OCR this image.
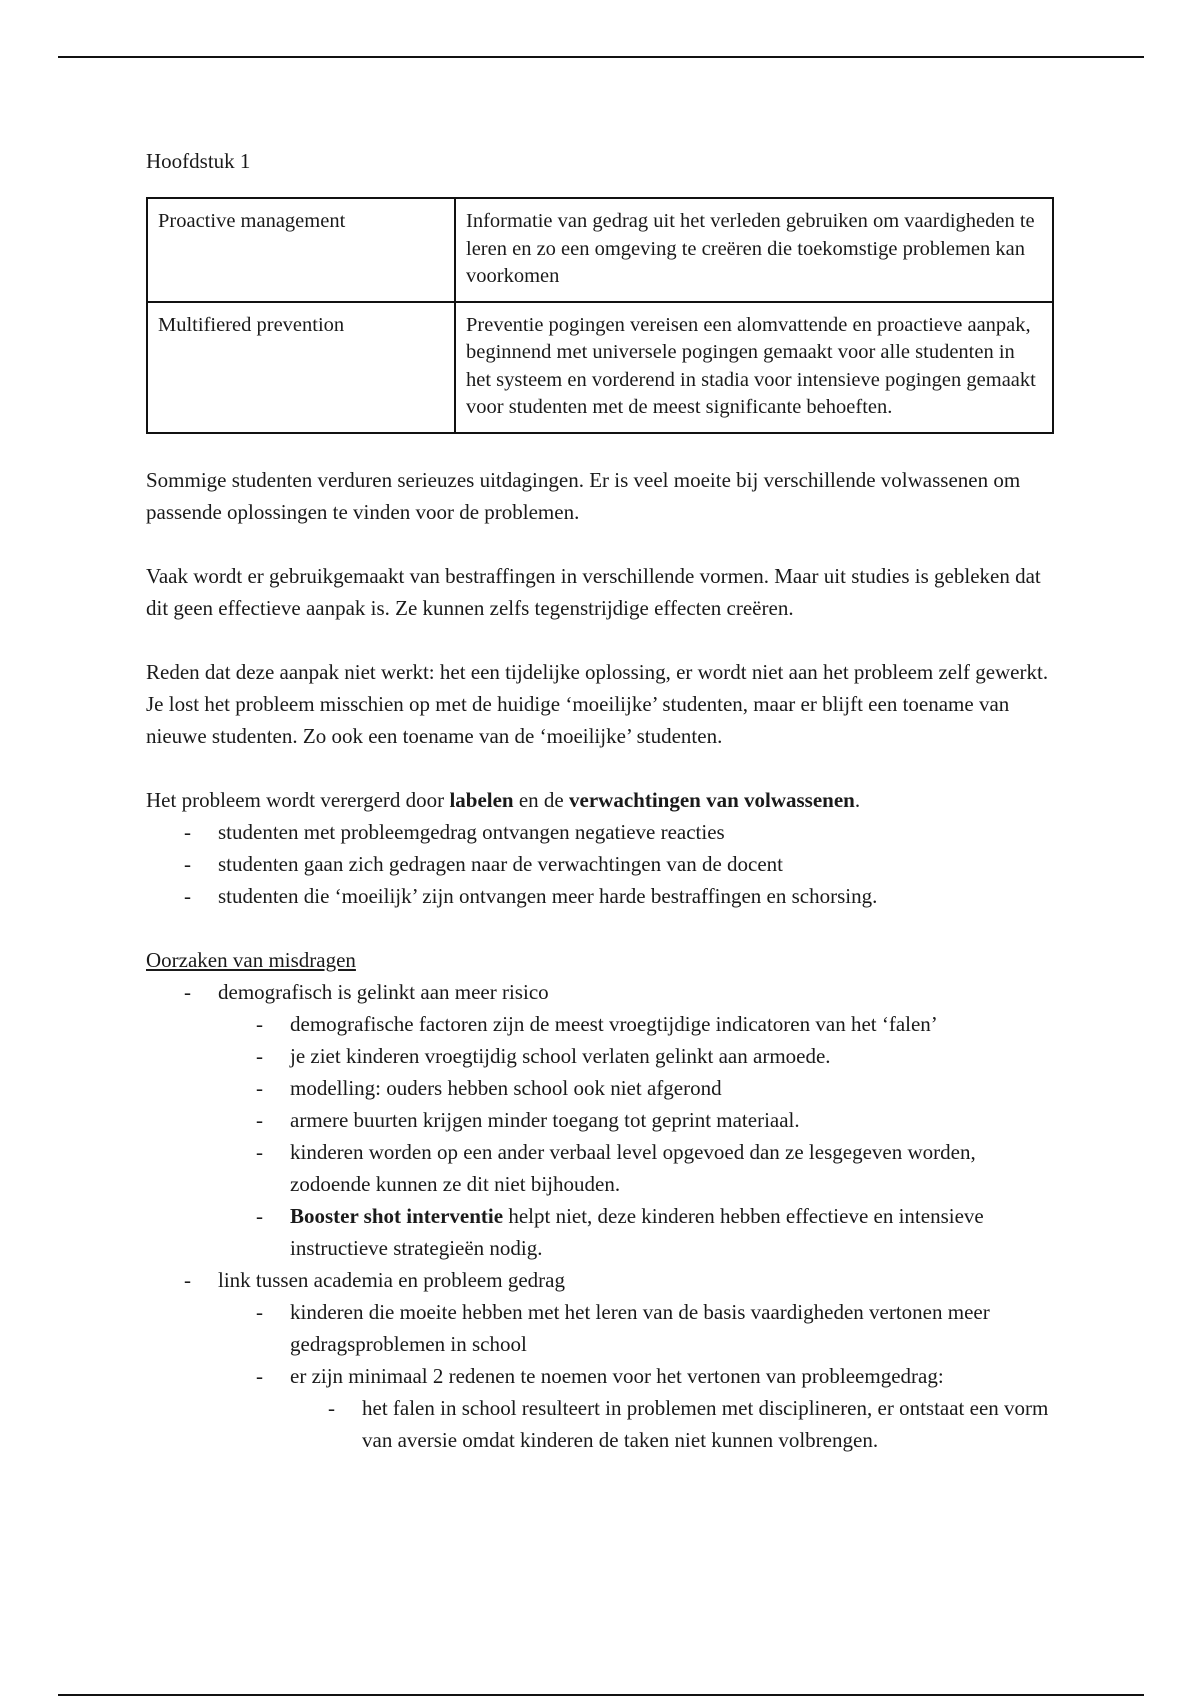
Hoofdstuk 1
Proactive management	Informatie van gedrag uit het verleden gebruiken om vaardigheden te leren en zo een omgeving te creëren die toekomstige problemen kan voorkomen
Multifiered prevention	Preventie pogingen vereisen een alomvattende en proactieve aanpak, beginnend met universele pogingen gemaakt voor alle studenten in het systeem en vorderend in stadia voor intensieve pogingen gemaakt voor studenten met de meest significante behoeften.

Sommige studenten verduren serieuzes uitdagingen. Er is veel moeite bij verschillende volwassenen om passende oplossingen te vinden voor de problemen.

Vaak wordt er gebruikgemaakt van bestraffingen in verschillende vormen. Maar uit studies is gebleken dat dit geen effectieve aanpak is. Ze kunnen zelfs tegenstrijdige effecten creëren.

Reden dat deze aanpak niet werkt: het een tijdelijke oplossing, er wordt niet aan het probleem zelf gewerkt. Je lost het probleem misschien op met de huidige ‘moeilijke’ studenten, maar er blijft een toename van nieuwe studenten. Zo ook een toename van de ‘moeilijke’ studenten.

Het probleem wordt verergerd door labelen en de verwachtingen van volwassenen.

- studenten met probleemgedrag ontvangen negatieve reacties
- studenten gaan zich gedragen naar de verwachtingen van de docent
- studenten die ‘moeilijk’ zijn ontvangen meer harde bestraffingen en schorsing.

Oorzaken van misdragen

- demografisch is gelinkt aan meer risico
- demografische factoren zijn de meest vroegtijdige indicatoren van het ‘falen’
- je ziet kinderen vroegtijdig school verlaten gelinkt aan armoede.
- modelling: ouders hebben school ook niet afgerond
- armere buurten krijgen minder toegang tot geprint materiaal.
- kinderen worden op een ander verbaal level opgevoed dan ze lesgegeven worden, zodoende kunnen ze dit niet bijhouden.
- Booster shot interventie helpt niet, deze kinderen hebben effectieve en intensieve instructieve strategieën nodig.
- link tussen academia en probleem gedrag
- kinderen die moeite hebben met het leren van de basis vaardigheden vertonen meer gedragsproblemen in school
- er zijn minimaal 2 redenen te noemen voor het vertonen van probleemgedrag:
- het falen in school resulteert in problemen met disciplineren, er ontstaat een vorm van aversie omdat kinderen de taken niet kunnen volbrengen.
